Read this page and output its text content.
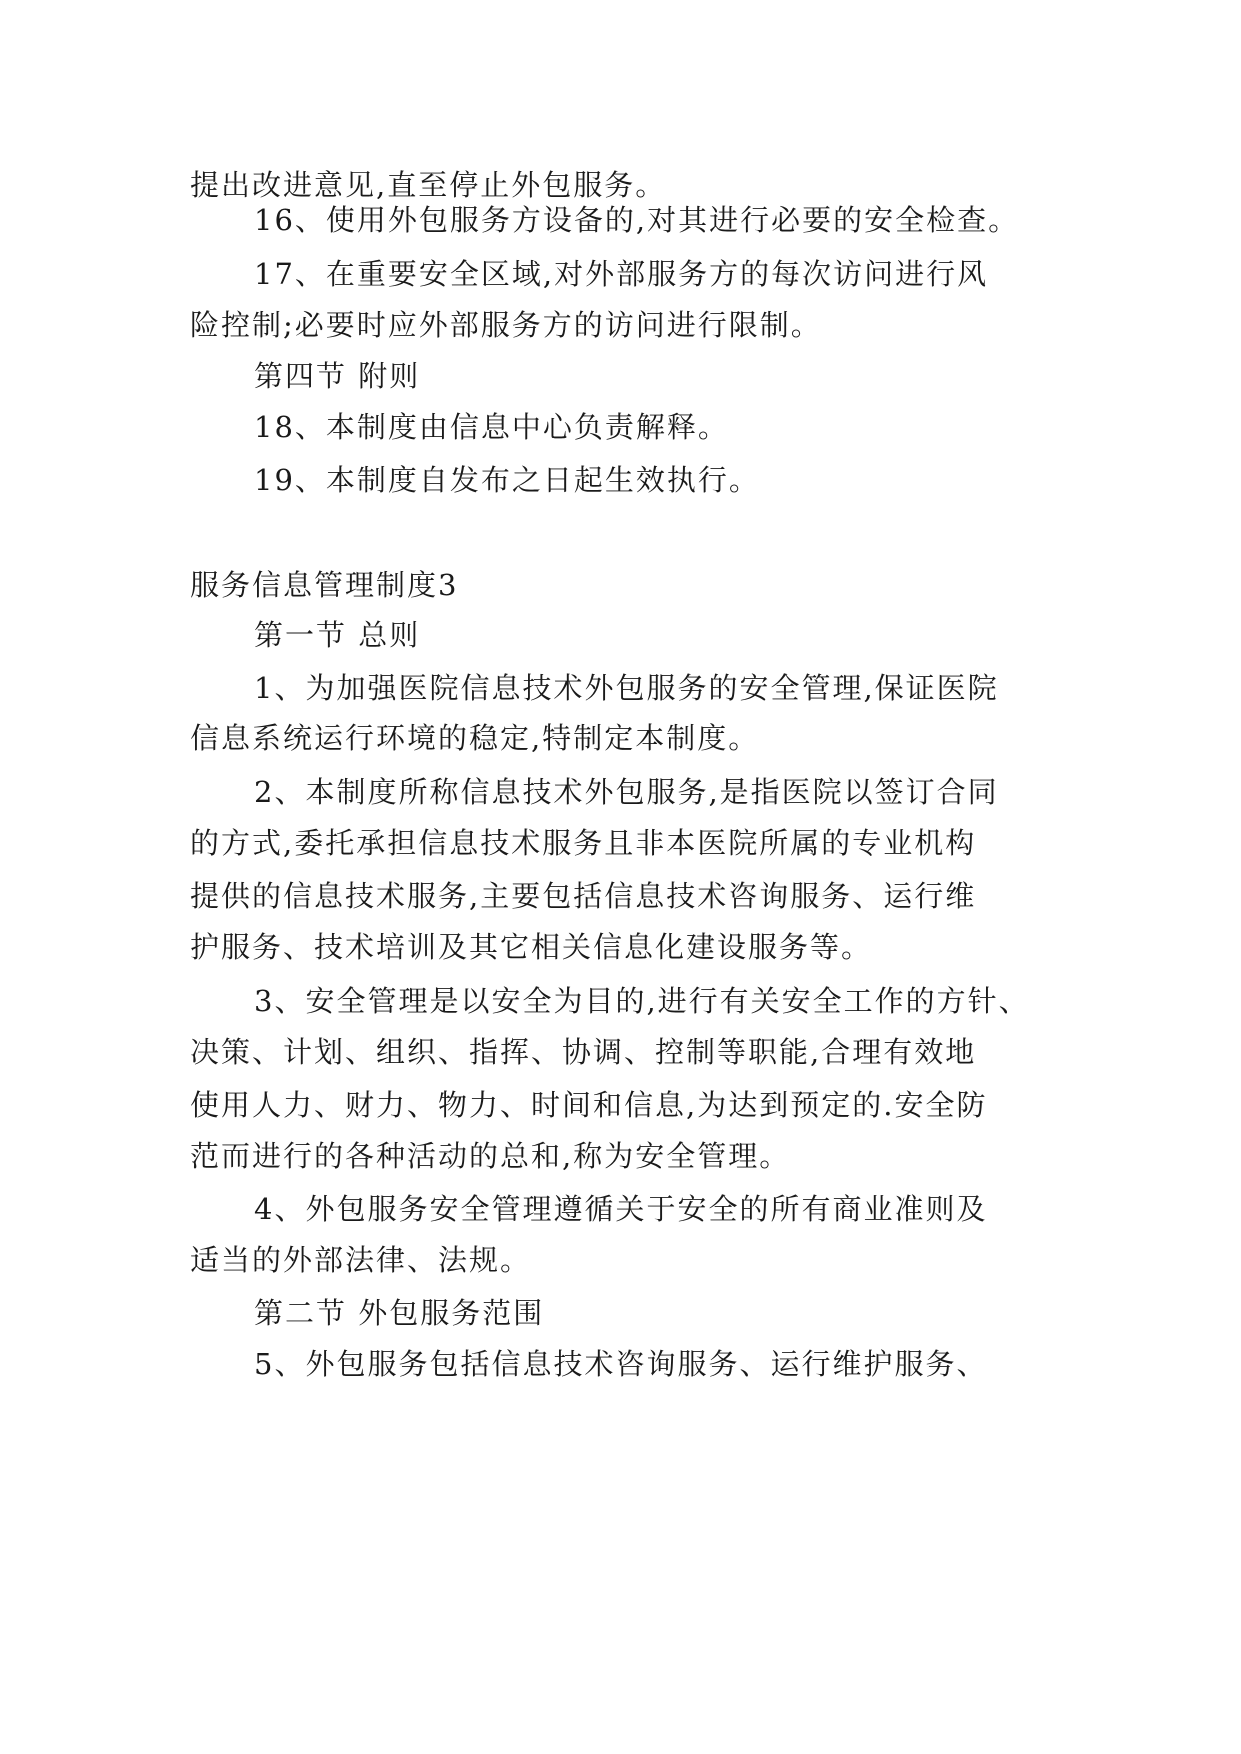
提出改进意见,直至停止外包服务。
16、使用外包服务方设备的,对其进行必要的安全检查。
17、在重要安全区域,对外部服务方的每次访问进行风
险控制;必要时应外部服务方的访问进行限制。
第四节 附则
18、本制度由信息中心负责解释。
19、本制度自发布之日起生效执行。
服务信息管理制度3
第一节 总则
1、为加强医院信息技术外包服务的安全管理,保证医院
信息系统运行环境的稳定,特制定本制度。
2、本制度所称信息技术外包服务,是指医院以签订合同
的方式,委托承担信息技术服务且非本医院所属的专业机构
提供的信息技术服务,主要包括信息技术咨询服务、运行维
护服务、技术培训及其它相关信息化建设服务等。
3、安全管理是以安全为目的,进行有关安全工作的方针、
决策、计划、组织、指挥、协调、控制等职能,合理有效地
使用人力、财力、物力、时间和信息,为达到预定的.安全防
范而进行的各种活动的总和,称为安全管理。
4、外包服务安全管理遵循关于安全的所有商业准则及
适当的外部法律、法规。
第二节 外包服务范围
5、外包服务包括信息技术咨询服务、运行维护服务、
